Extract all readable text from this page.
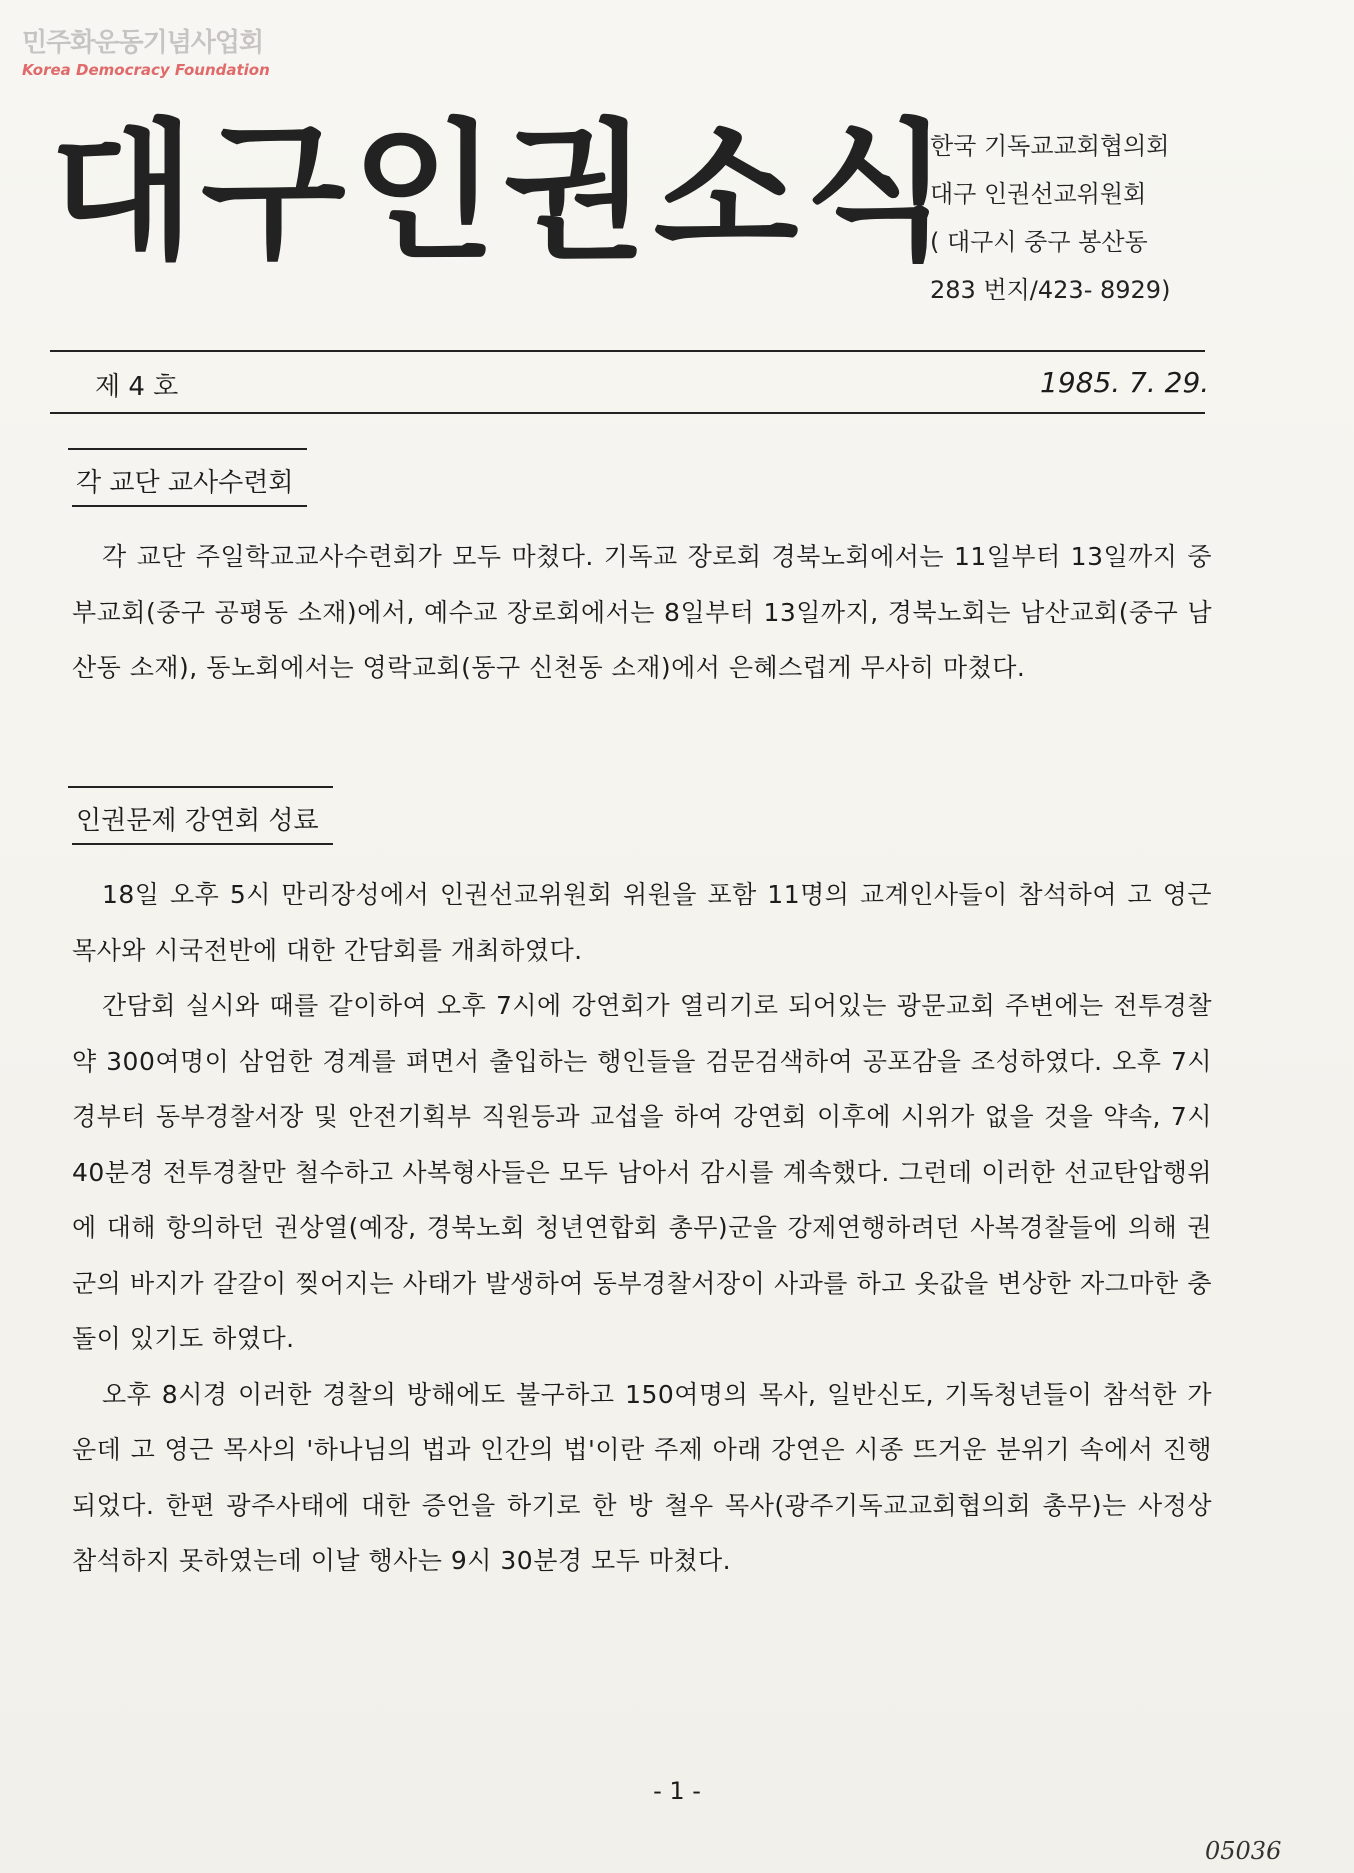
민주화운동기념사업회
Korea Democracy Foundation
대구인권소식
한국 기독교교회협의회
대구 인권선교위원회
( 대구시 중구 봉산동
283 번지/423- 8929)
제 4 호	1985. 7. 29.
각 교단 교사수련회

각 교단 주일학교교사수련회가 모두 마쳤다. 기독교 장로회 경북노회에서는 11일부터 13일까지 중부교회(중구 공평동 소재)에서, 예수교 장로회에서는 8일부터 13일까지, 경북노회는 남산교회(중구 남산동 소재), 동노회에서는 영락교회(동구 신천동 소재)에서 은혜스럽게 무사히 마쳤다.

인권문제 강연회 성료

18일 오후 5시 만리장성에서 인권선교위원회 위원을 포함 11명의 교계인사들이 참석하여 고 영근 목사와 시국전반에 대한 간담회를 개최하였다.

간담회 실시와 때를 같이하여 오후 7시에 강연회가 열리기로 되어있는 광문교회 주변에는 전투경찰 약 300여명이 삼엄한 경계를 펴면서 출입하는 행인들을 검문검색하여 공포감을 조성하였다. 오후 7시경부터 동부경찰서장 및 안전기획부 직원등과 교섭을 하여 강연회 이후에 시위가 없을 것을 약속, 7시 40분경 전투경찰만 철수하고 사복형사들은 모두 남아서 감시를 계속했다. 그런데 이러한 선교탄압행위에 대해 항의하던 권상열(예장, 경북노회 청년연합회 총무)군을 강제연행하려던 사복경찰들에 의해 권군의 바지가 갈갈이 찢어지는 사태가 발생하여 동부경찰서장이 사과를 하고 옷값을 변상한 자그마한 충돌이 있기도 하였다.

오후 8시경 이러한 경찰의 방해에도 불구하고 150여명의 목사, 일반신도, 기독청년들이 참석한 가운데 고 영근 목사의 '하나님의 법과 인간의 법'이란 주제 아래 강연은 시종 뜨거운 분위기 속에서 진행되었다. 한편 광주사태에 대한 증언을 하기로 한 방 철우 목사(광주기독교교회협의회 총무)는 사정상 참석하지 못하였는데 이날 행사는 9시 30분경 모두 마쳤다.

- 1 -
05036
